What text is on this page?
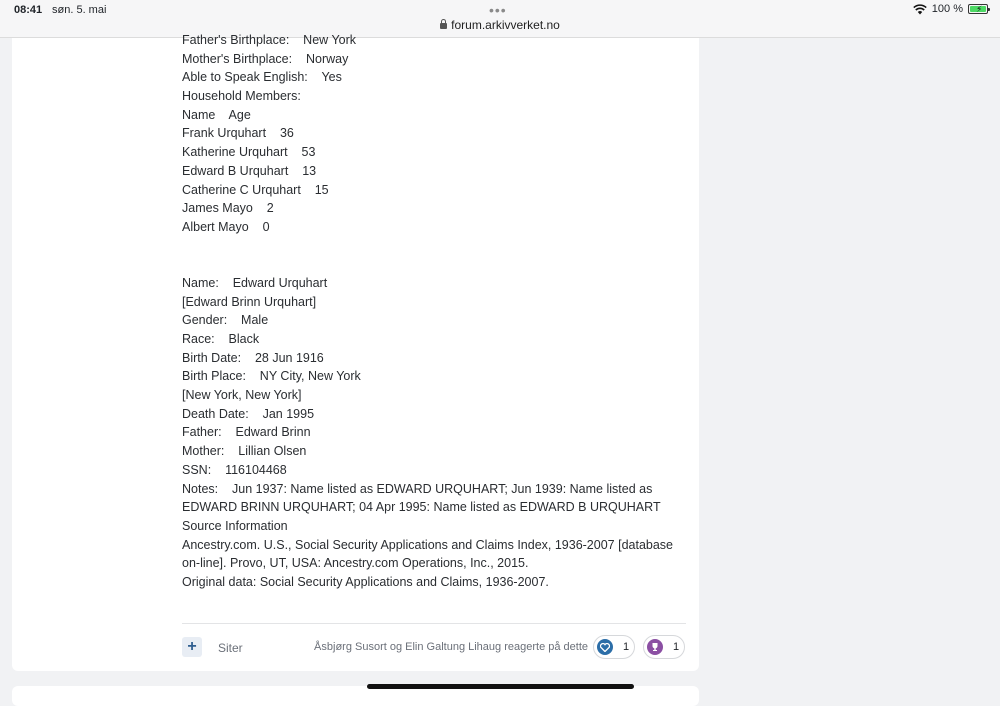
08:41 søn. 5. mai	•••
forum.arkivverket.no
100 % ⚡
Father's Birthplace:    New York
Mother's Birthplace:    Norway
Able to Speak English:    Yes
Household Members:
Name    Age
Frank Urquhart    36
Katherine Urquhart    53
Edward B Urquhart    13
Catherine C Urquhart    15
James Mayo    2
Albert Mayo    0
Name:    Edward Urquhart
[Edward Brinn Urquhart]
Gender:    Male
Race:    Black
Birth Date:    28 Jun 1916
Birth Place:    NY City, New York
[New York, New York]
Death Date:    Jan 1995
Father:    Edward Brinn
Mother:    Lillian Olsen
SSN:    116104468
Notes:    Jun 1937: Name listed as EDWARD URQUHART; Jun 1939: Name listed as
EDWARD BRINN URQUHART; 04 Apr 1995: Name listed as EDWARD B URQUHART
Source Information
Ancestry.com. U.S., Social Security Applications and Claims Index, 1936-2007 [database
on-line]. Provo, UT, USA: Ancestry.com Operations, Inc., 2015.
Original data: Social Security Applications and Claims, 1936-2007.
+	Siter	Åsbjørg Susort og Elin Galtung Lihaug reagerte på dette	1	1
